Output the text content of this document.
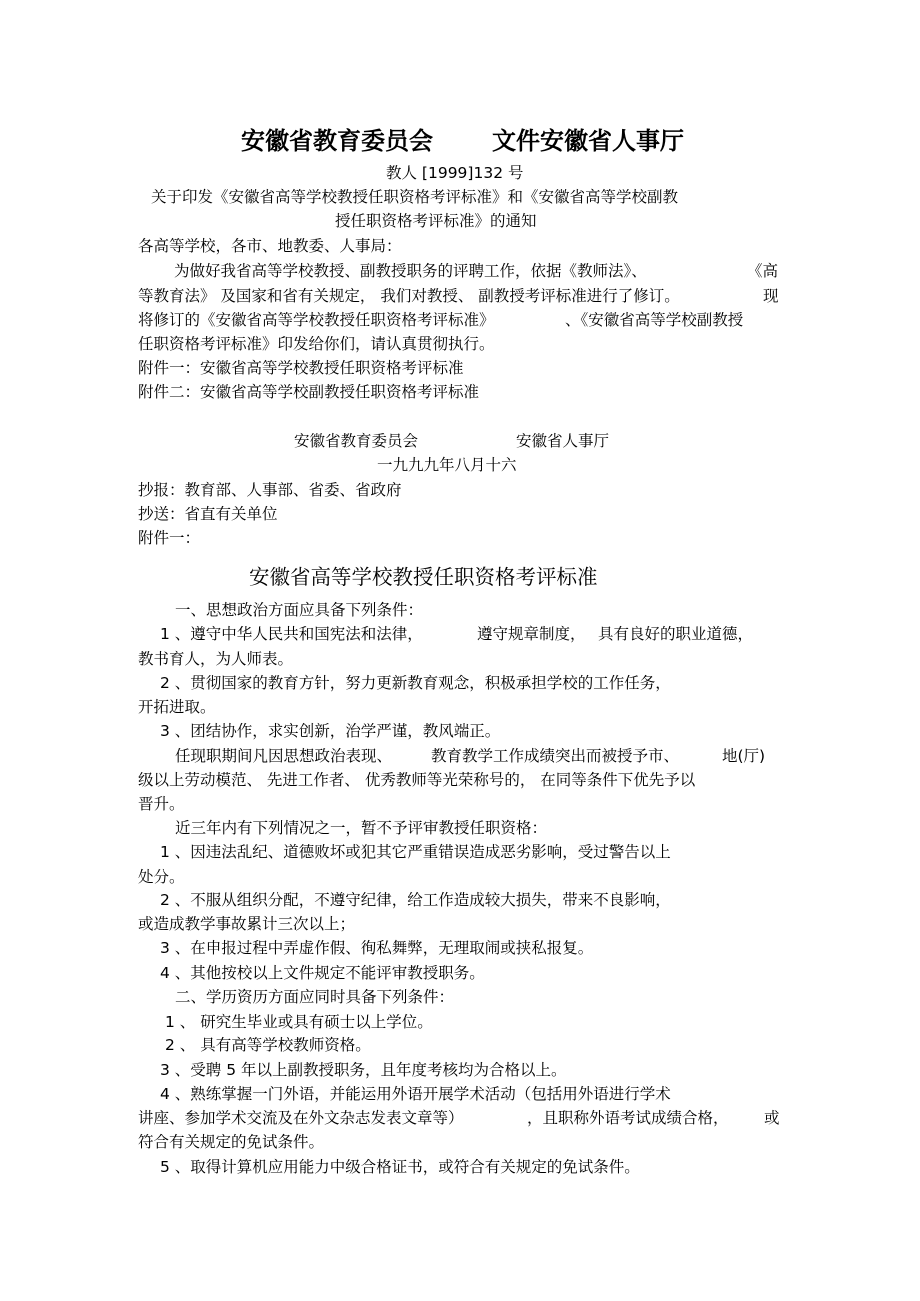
安徽省教育委员会 文件安徽省人事厅
教人 [1999]132 号
关于印发《安徽省高等学校教授任职资格考评标准》和《安徽省高等学校副教
授任职资格考评标准》的通知
各高等学校，各市、地教委、人事局：
为做好我省高等学校教授、副教授职务的评聘工作，依据《教师法》、	《高
等教育法》 及国家和省有关规定， 我们对教授、 副教授考评标准进行了修订。	现
将修订的《安徽省高等学校教授任职资格考评标准》	、《安徽省高等学校副教授
任职资格考评标准》印发给你们，请认真贯彻执行。
附件一：安徽省高等学校教授任职资格考评标准
附件二：安徽省高等学校副教授任职资格考评标准
安徽省教育委员会	安徽省人事厅
一九九九年八月十六
抄报：教育部、人事部、省委、省政府
抄送：省直有关单位
附件一：
安徽省高等学校教授任职资格考评标准
一、思想政治方面应具备下列条件：
1 、遵守中华人民共和国宪法和法律，	遵守规章制度， 具有良好的职业道德，
教书育人，为人师表。
2 、贯彻国家的教育方针，努力更新教育观念，积极承担学校的工作任务，
开拓进取。
3 、团结协作，求实创新，治学严谨，教风端正。
任现职期间凡因思想政治表现、	教育教学工作成绩突出而被授予市、	地(厅)
级以上劳动模范、 先进工作者、 优秀教师等光荣称号的， 在同等条件下优先予以
晋升。
近三年内有下列情况之一，暂不予评审教授任职资格：
1 、因违法乱纪、道德败坏或犯其它严重错误造成恶劣影响，受过警告以上
处分。
2 、不服从组织分配，不遵守纪律，给工作造成较大损失，带来不良影响，
或造成教学事故累计三次以上；
3 、在申报过程中弄虚作假、徇私舞弊，无理取闹或挟私报复。
4 、其他按校以上文件规定不能评审教授职务。
二、学历资历方面应同时具备下列条件：
1 、 研究生毕业或具有硕士以上学位。
2 、 具有高等学校教师资格。
3 、受聘 5 年以上副教授职务，且年度考核均为合格以上。
4 、熟练掌握一门外语，并能运用外语开展学术活动（包括用外语进行学术
讲座、参加学术交流及在外文杂志发表文章等）	，且职称外语考试成绩合格， 或
符合有关规定的免试条件。
5 、取得计算机应用能力中级合格证书，或符合有关规定的免试条件。
